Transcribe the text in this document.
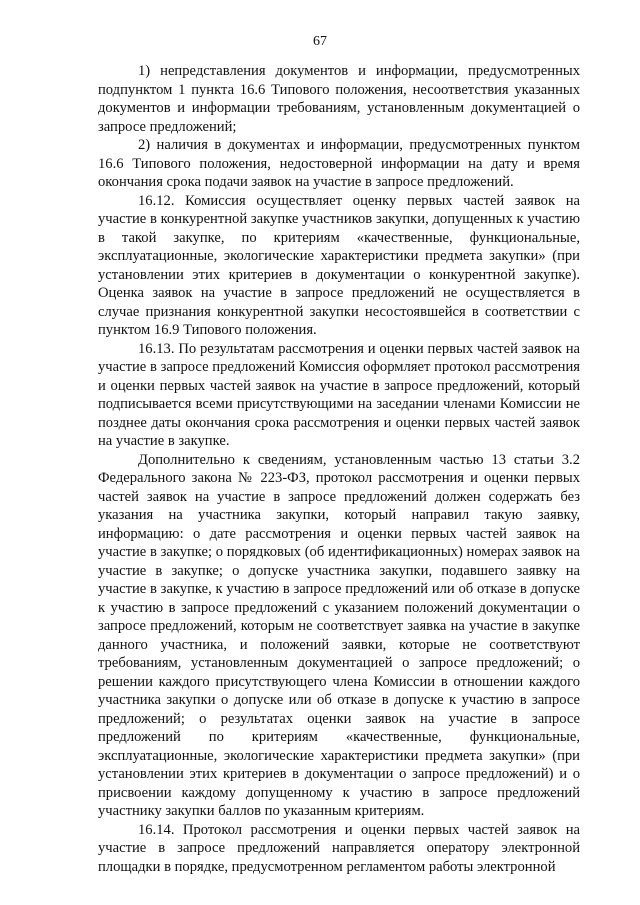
67

1) непредставления документов и информации, предусмотренных подпунктом 1 пункта 16.6 Типового положения, несоответствия указанных документов и информации требованиям, установленным документацией о запросе предложений;

2) наличия в документах и информации, предусмотренных пунктом 16.6 Типового положения, недостоверной информации на дату и время окончания срока подачи заявок на участие в запросе предложений.

16.12. Комиссия осуществляет оценку первых частей заявок на участие в конкурентной закупке участников закупки, допущенных к участию в такой закупке, по критериям «качественные, функциональные, эксплуатационные, экологические характеристики предмета закупки» (при установлении этих критериев в документации о конкурентной закупке). Оценка заявок на участие в запросе предложений не осуществляется в случае признания конкурентной закупки несостоявшейся в соответствии с пунктом 16.9 Типового положения.

16.13. По результатам рассмотрения и оценки первых частей заявок на участие в запросе предложений Комиссия оформляет протокол рассмотрения и оценки первых частей заявок на участие в запросе предложений, который подписывается всеми присутствующими на заседании членами Комиссии не позднее даты окончания срока рассмотрения и оценки первых частей заявок на участие в закупке.

Дополнительно к сведениям, установленным частью 13 статьи 3.2 Федерального закона № 223-ФЗ, протокол рассмотрения и оценки первых частей заявок на участие в запросе предложений должен содержать без указания на участника закупки, который направил такую заявку, информацию: о дате рассмотрения и оценки первых частей заявок на участие в закупке; о порядковых (об идентификационных) номерах заявок на участие в закупке; о допуске участника закупки, подавшего заявку на участие в закупке, к участию в запросе предложений или об отказе в допуске к участию в запросе предложений с указанием положений документации о запросе предложений, которым не соответствует заявка на участие в закупке данного участника, и положений заявки, которые не соответствуют требованиям, установленным документацией о запросе предложений; о решении каждого присутствующего члена Комиссии в отношении каждого участника закупки о допуске или об отказе в допуске к участию в запросе предложений; о результатах оценки заявок на участие в запросе предложений по критериям «качественные, функциональные, эксплуатационные, экологические характеристики предмета закупки» (при установлении этих критериев в документации о запросе предложений) и о присвоении каждому допущенному к участию в запросе предложений участнику закупки баллов по указанным критериям.

16.14. Протокол рассмотрения и оценки первых частей заявок на участие в запросе предложений направляется оператору электронной площадки в порядке, предусмотренном регламентом работы электронной
